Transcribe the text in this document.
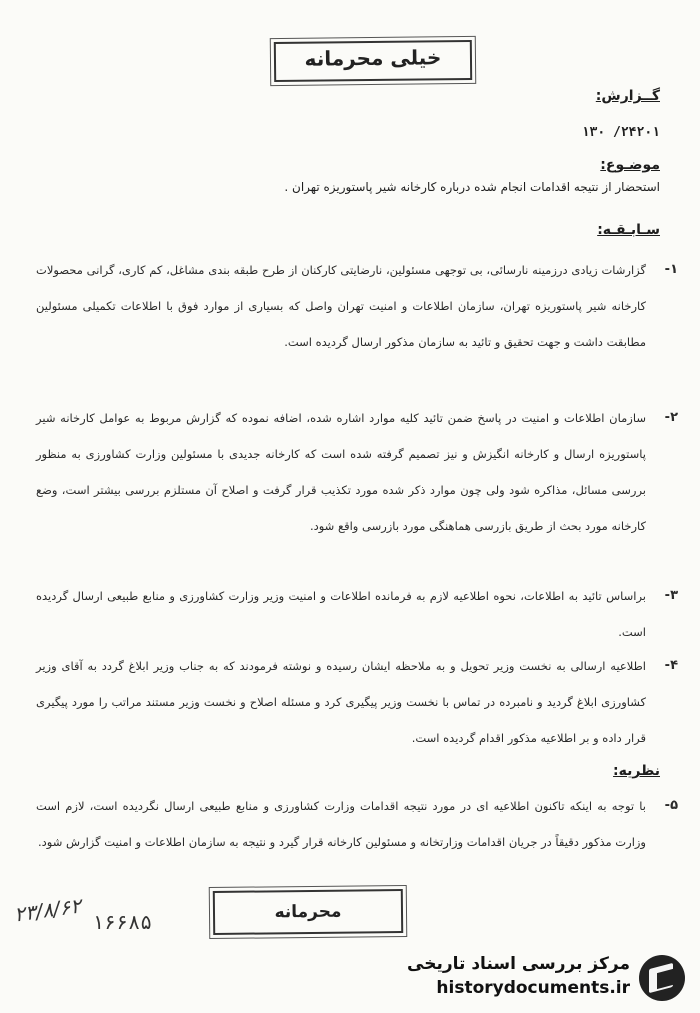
خیلی محرمانه
گــزارش:
۲۴۲۰۱/ ۱۳۰
موضـوع:
استحضار از نتیجه اقدامات انجام شده درباره کارخانه شیر پاستوریزه تهران .
سـابـقـه:
۱-
گزارشات زیادی درزمینه نارسائی، بی توجهی مسئولین، نارضایتی کارکنان از طرح طبقه بندی مشاغل، کم کاری، گرانی محصولات کارخانه شیر پاستوریزه تهران، سازمان اطلاعات و امنیت تهران واصل که بسیاری از موارد فوق با اطلاعات تکمیلی مسئولین مطابقت داشت و جهت تحقیق و تائید به سازمان مذکور ارسال گردیده است.
۲-
سازمان اطلاعات و امنیت در پاسخ ضمن تائید کلیه موارد اشاره شده، اضافه نموده که گزارش مربوط به عوامل کارخانه شیر پاستوریزه ارسال و کارخانه انگیزش و نیز تصمیم گرفته شده است که کارخانه جدیدی با مسئولین وزارت کشاورزی به منظور بررسی مسائل، مذاکره شود ولی چون موارد ذکر شده مورد تکذیب قرار گرفت و اصلاح آن مستلزم بررسی بیشتر است، وضع کارخانه مورد بحث از طریق بازرسی هماهنگی مورد بازرسی واقع شود.
۳-
براساس تائید به اطلاعات، نحوه اطلاعیه لازم به فرمانده اطلاعات و امنیت وزیر وزارت کشاورزی و منابع طبیعی ارسال گردیده است.
۴-
اطلاعیه ارسالی به نخست وزیر تحویل و به ملاحظه ایشان رسیده و نوشته فرمودند که به جناب وزیر ابلاغ گردد به آقای وزیر کشاورزی ابلاغ گردید و نامبرده در تماس با نخست وزیر پیگیری کرد و مسئله اصلاح و نخست وزیر مستند مراتب را مورد پیگیری قرار داده و بر اطلاعیه مذکور اقدام گردیده است.
نظریه:
۵-
با توجه به اینکه تاکنون اطلاعیه ای در مورد نتیجه اقدامات وزارت کشاورزی و منابع طبیعی ارسال نگردیده است، لازم است وزارت مذکور دقیقاً در جریان اقدامات وزارتخانه و مسئولین کارخانه قرار گیرد و نتیجه به سازمان اطلاعات و امنیت گزارش شود.
۲۳/۸/۶۲ ۱۶۶۸۵	محرمانه
مرکز بررسی اسناد تاریخی
historydocuments.ir
